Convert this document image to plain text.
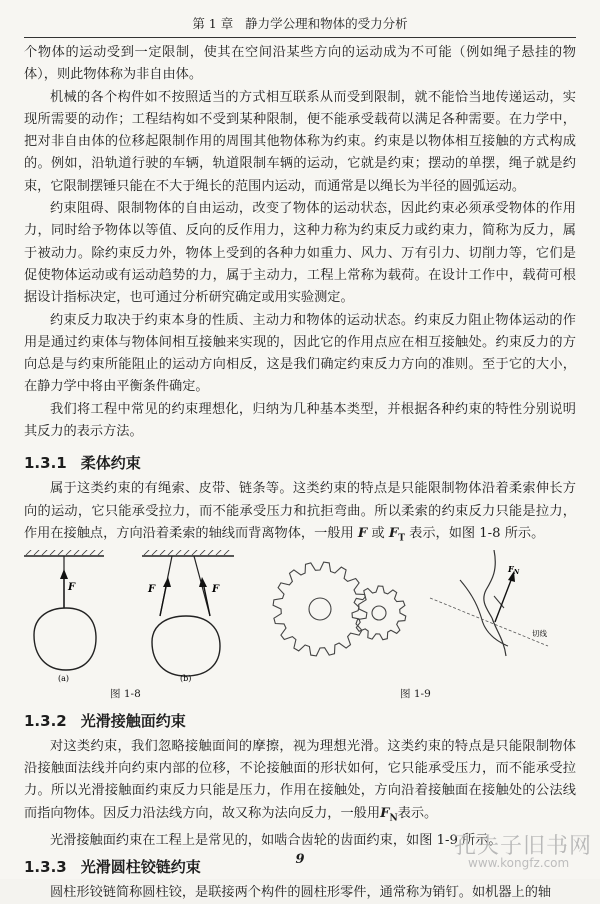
第 1 章 静力学公理和物体的受力分析

个物体的运动受到一定限制，使其在空间沿某些方向的运动成为不可能（例如绳子悬挂的物体），则此物体称为非自由体。

机械的各个构件如不按照适当的方式相互联系从而受到限制，就不能恰当地传递运动，实现所需要的动作；工程结构如不受到某种限制，便不能承受载荷以满足各种需要。在力学中，把对非自由体的位移起限制作用的周围其他物体称为约束。约束是以物体相互接触的方式构成的。例如，沿轨道行驶的车辆，轨道限制车辆的运动，它就是约束；摆动的单摆，绳子就是约束，它限制摆锤只能在不大于绳长的范围内运动，而通常是以绳长为半径的圆弧运动。

约束阻碍、限制物体的自由运动，改变了物体的运动状态，因此约束必须承受物体的作用力，同时给予物体以等值、反向的反作用力，这种力称为约束反力或约束力，简称为反力，属于被动力。除约束反力外，物体上受到的各种力如重力、风力、万有引力、切削力等，它们是促使物体运动或有运动趋势的力，属于主动力，工程上常称为载荷。在设计工作中，载荷可根据设计指标决定，也可通过分析研究确定或用实验测定。

约束反力取决于约束本身的性质、主动力和物体的运动状态。约束反力阻止物体运动的作用是通过约束体与物体间相互接触来实现的，因此它的作用点应在相互接触处。约束反力的方向总是与约束所能阻止的运动方向相反，这是我们确定约束反力方向的准则。至于它的大小，在静力学中将由平衡条件确定。

我们将工程中常见的约束理想化，归纳为几种基本类型，并根据各种约束的特性分别说明其反力的表示方法。

1.3.1 柔体约束

属于这类约束的有绳索、皮带、链条等。这类约束的特点是只能限制物体沿着柔索伸长方向的运动，它只能承受拉力，而不能承受压力和抗拒弯曲。所以柔索的约束反力只能是拉力，作用在接触点，方向沿着柔索的轴线而背离物体，一般用 F 或 $F_T$ 表示，如图 1-8 所示。

F
(a)
F	F
(b)
$F_N$
切线
图 1-8	图 1-9
1.3.2 光滑接触面约束

对这类约束，我们忽略接触面间的摩擦，视为理想光滑。这类约束的特点是只能限制物体沿接触面法线并向约束内部的位移，不论接触面的形状如何，它只能承受压力，而不能承受拉力。所以光滑接触面约束反力只能是压力，作用在接触处，方向沿着接触面在接触处的公法线而指向物体。因反力沿法线方向，故又称为法向反力，一般用$F_N$表示。

光滑接触面约束在工程上是常见的，如啮合齿轮的齿面约束，如图 1-9 所示。

1.3.3 光滑圆柱铰链约束

圆柱形铰链简称圆柱铰，是联接两个构件的圆柱形零件，通常称为销钉。如机器上的轴

9
孔夫子旧书网
www.kongfz.com
